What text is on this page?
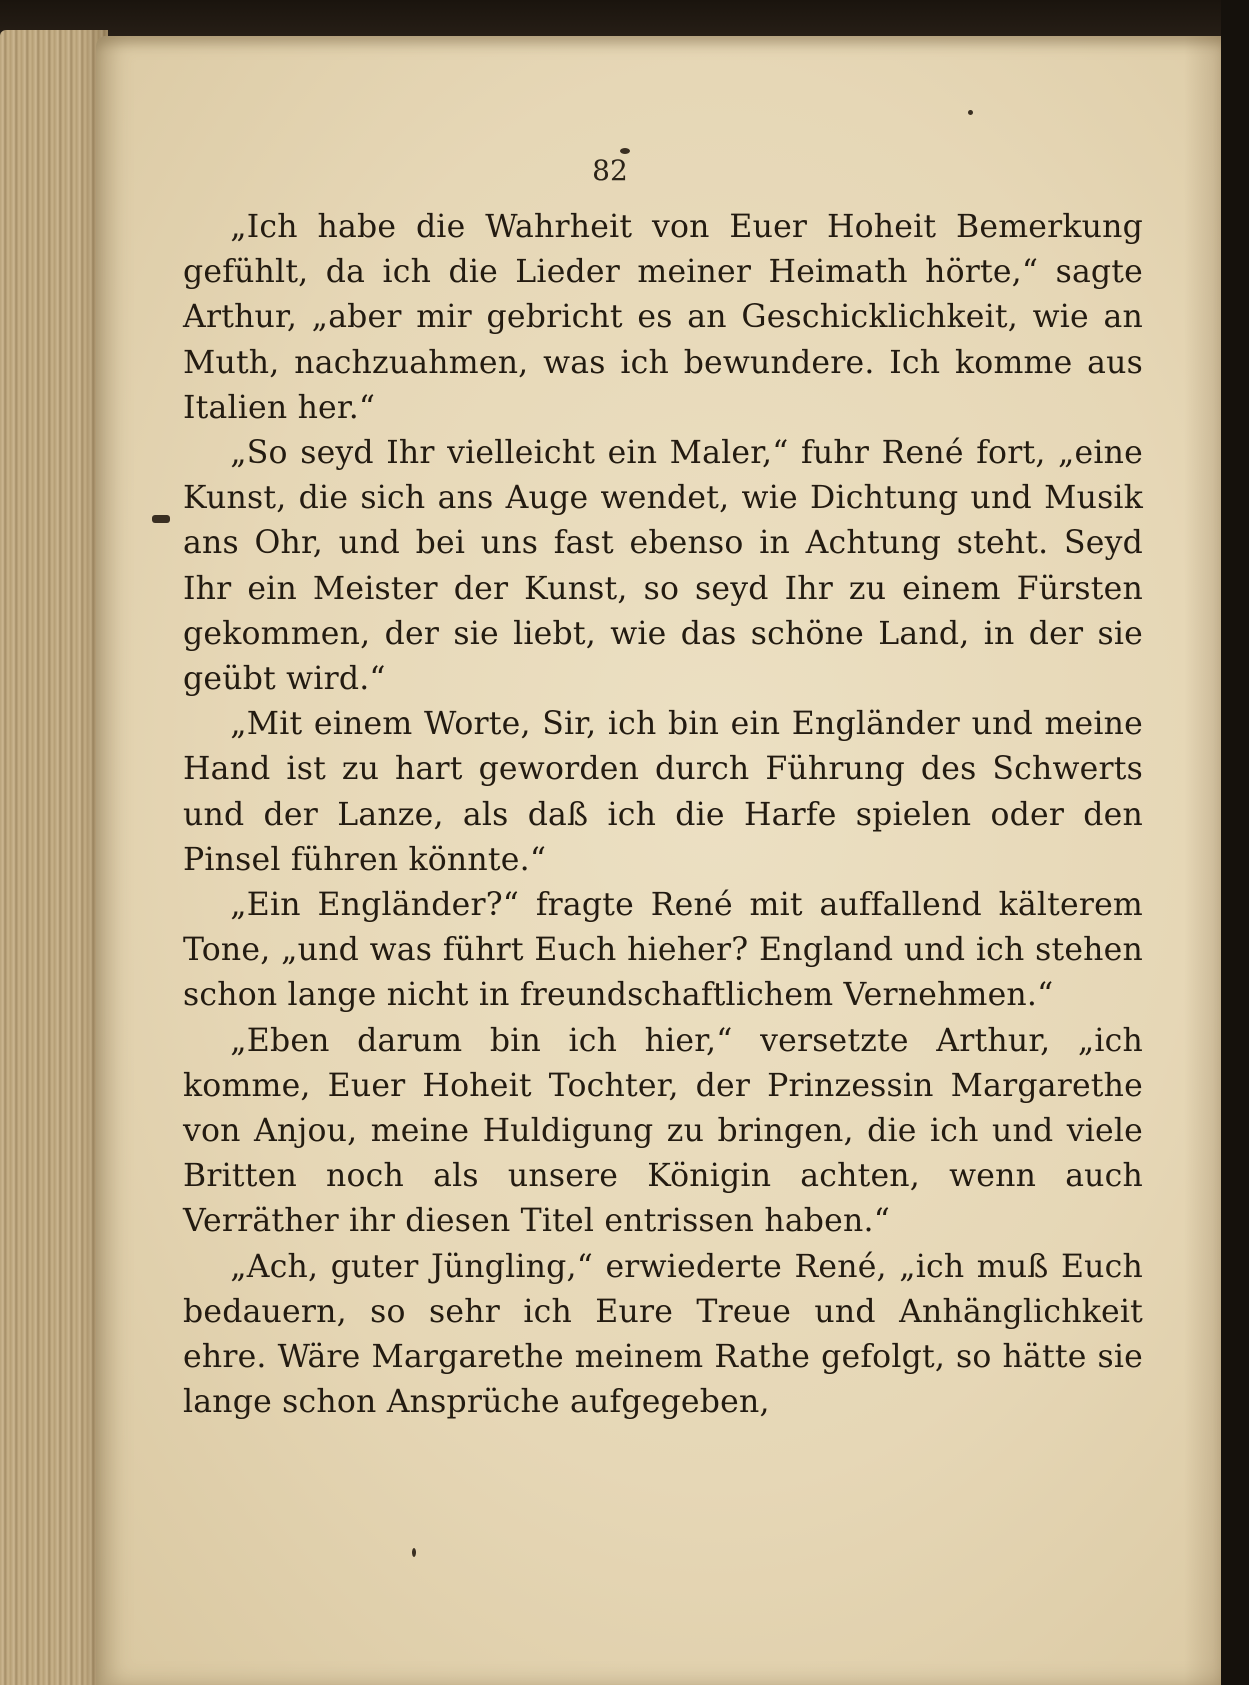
82

„Ich habe die Wahrheit von Euer Hoheit Bemerkung gefühlt, da ich die Lieder meiner Heimath hörte,“ sagte Arthur, „aber mir gebricht es an Geschicklichkeit, wie an Muth, nachzuahmen, was ich bewundere. Ich komme aus Italien her.“

„So seyd Ihr vielleicht ein Maler,“ fuhr René fort, „eine Kunst, die sich ans Auge wendet, wie Dichtung und Musik ans Ohr, und bei uns fast ebenso in Achtung steht. Seyd Ihr ein Meister der Kunst, so seyd Ihr zu einem Fürsten gekommen, der sie liebt, wie das schöne Land, in der sie geübt wird.“

„Mit einem Worte, Sir, ich bin ein Engländer und meine Hand ist zu hart geworden durch Führung des Schwerts und der Lanze, als daß ich die Harfe spielen oder den Pinsel führen könnte.“

„Ein Engländer?“ fragte René mit auffallend kälterem Tone, „und was führt Euch hieher? England und ich stehen schon lange nicht in freundschaftlichem Vernehmen.“

„Eben darum bin ich hier,“ versetzte Arthur, „ich komme, Euer Hoheit Tochter, der Prinzessin Margarethe von Anjou, meine Huldigung zu bringen, die ich und viele Britten noch als unsere Königin achten, wenn auch Verräther ihr diesen Titel entrissen haben.“

„Ach, guter Jüngling,“ erwiederte René, „ich muß Euch bedauern, so sehr ich Eure Treue und Anhänglichkeit ehre. Wäre Margarethe meinem Rathe gefolgt, so hätte sie lange schon Ansprüche aufgegeben,
